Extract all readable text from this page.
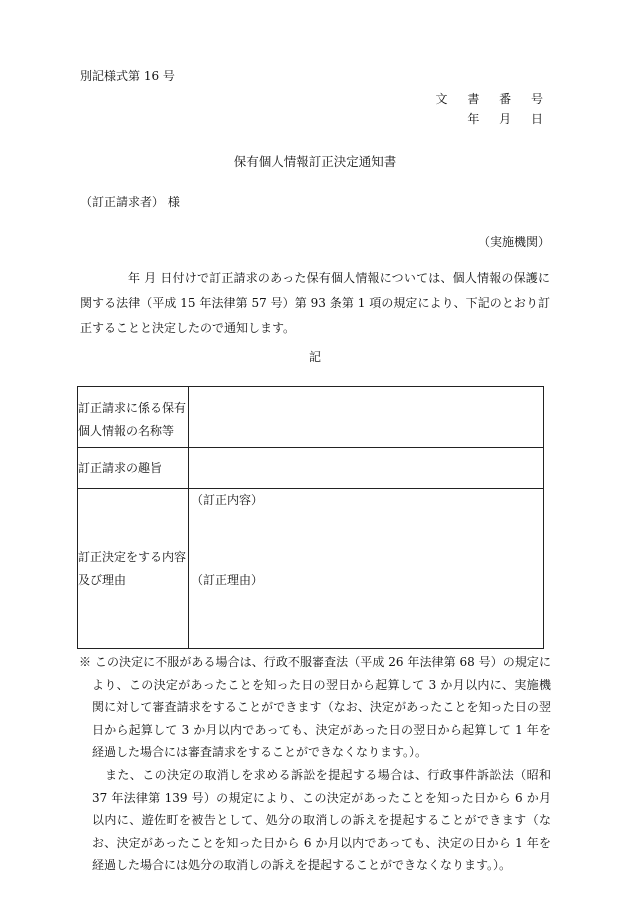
別記様式第 16 号
文 書 番 号
年 月 日
保有個人情報訂正決定通知書
（訂正請求者） 様
（実施機関）
年 月 日付けで訂正請求のあった保有個人情報については、個人情報の保護に関する法律（平成 15 年法律第 57 号）第 93 条第 1 項の規定により、下記のとおり訂正することと決定したので通知します。
記
訂正請求に係る保有個人情報の名称等	
訂正請求の趣旨	
訂正決定をする内容及び理由	（訂正内容）
（訂正理由）
※ この決定に不服がある場合は、行政不服審査法（平成 26 年法律第 68 号）の規定により、この決定があったことを知った日の翌日から起算して 3 か月以内に、実施機関に対して審査請求をすることができます（なお、決定があったことを知った日の翌日から起算して 3 か月以内であっても、決定があった日の翌日から起算して 1 年を経過した場合には審査請求をすることができなくなります。）。
また、この決定の取消しを求める訴訟を提起する場合は、行政事件訴訟法（昭和 37 年法律第 139 号）の規定により、この決定があったことを知った日から 6 か月以内に、遊佐町を被告として、処分の取消しの訴えを提起することができます（なお、決定があったことを知った日から 6 か月以内であっても、決定の日から 1 年を経過した場合には処分の取消しの訴えを提起することができなくなります。）。
